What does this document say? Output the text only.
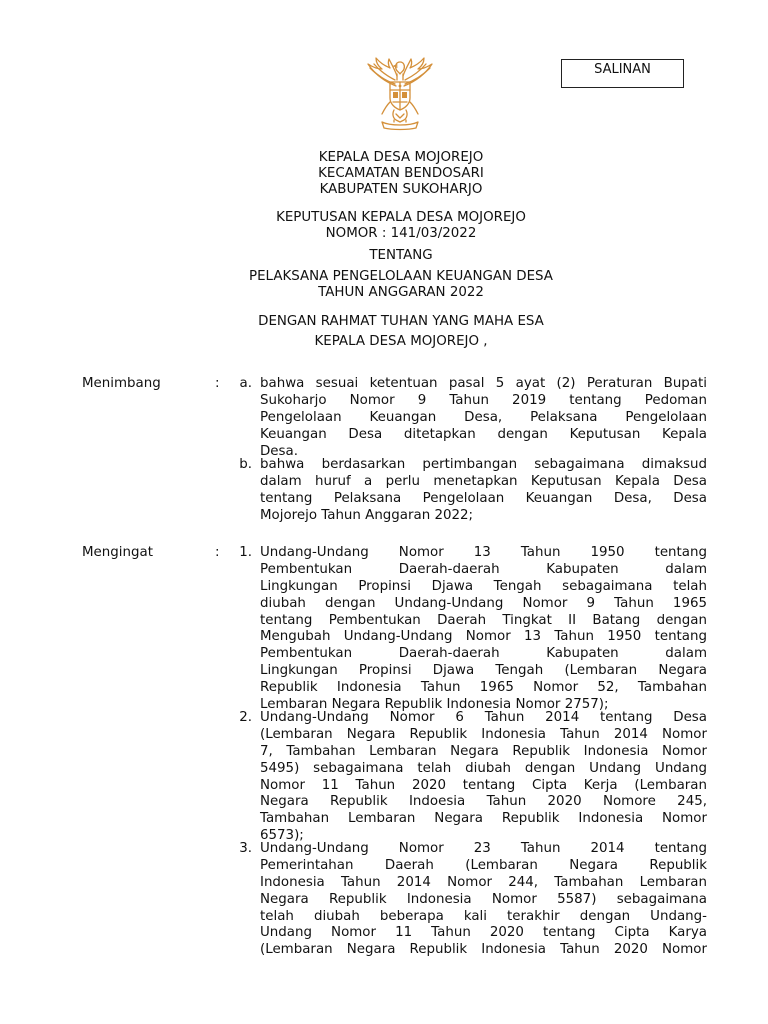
SALINAN
KEPALA DESA MOJOREJO
KECAMATAN BENDOSARI
KABUPATEN SUKOHARJO
KEPUTUSAN KEPALA DESA MOJOREJO
NOMOR : 141/03/2022
TENTANG
PELAKSANA PENGELOLAAN KEUANGAN DESA
TAHUN ANGGARAN 2022
DENGAN RAHMAT TUHAN YANG MAHA ESA
KEPALA DESA MOJOREJO ,
Menimbang	:	a. bahwa sesuai ketentuan pasal 5 ayat (2) Peraturan Bupati
Sukoharjo Nomor 9 Tahun 2019 tentang Pedoman
Pengelolaan Keuangan Desa, Pelaksana Pengelolaan
Keuangan Desa ditetapkan dengan Keputusan Kepala
Desa.
b. bahwa berdasarkan pertimbangan sebagaimana dimaksud
dalam huruf a perlu menetapkan Keputusan Kepala Desa
tentang Pelaksana Pengelolaan Keuangan Desa, Desa
Mojorejo Tahun Anggaran 2022;
Mengingat	:	1. Undang-Undang Nomor 13 Tahun 1950 tentang
Pembentukan Daerah-daerah Kabupaten dalam
Lingkungan Propinsi Djawa Tengah sebagaimana telah
diubah dengan Undang-Undang Nomor 9 Tahun 1965
tentang Pembentukan Daerah Tingkat II Batang dengan
Mengubah Undang-Undang Nomor 13 Tahun 1950 tentang
Pembentukan Daerah-daerah Kabupaten dalam
Lingkungan Propinsi Djawa Tengah (Lembaran Negara
Republik Indonesia Tahun 1965 Nomor 52, Tambahan
Lembaran Negara Republik Indonesia Nomor 2757);
2. Undang-Undang Nomor 6 Tahun 2014 tentang Desa
(Lembaran Negara Republik Indonesia Tahun 2014 Nomor
7, Tambahan Lembaran Negara Republik Indonesia Nomor
5495) sebagaimana telah diubah dengan Undang Undang
Nomor 11 Tahun 2020 tentang Cipta Kerja (Lembaran
Negara Republik Indoesia Tahun 2020 Nomore 245,
Tambahan Lembaran Negara Republik Indonesia Nomor
6573);
3. Undang-Undang Nomor 23 Tahun 2014 tentang
Pemerintahan Daerah (Lembaran Negara Republik
Indonesia Tahun 2014 Nomor 244, Tambahan Lembaran
Negara Republik Indonesia Nomor 5587) sebagaimana
telah diubah beberapa kali terakhir dengan Undang-
Undang Nomor 11 Tahun 2020 tentang Cipta Karya
(Lembaran Negara Republik Indonesia Tahun 2020 Nomor
